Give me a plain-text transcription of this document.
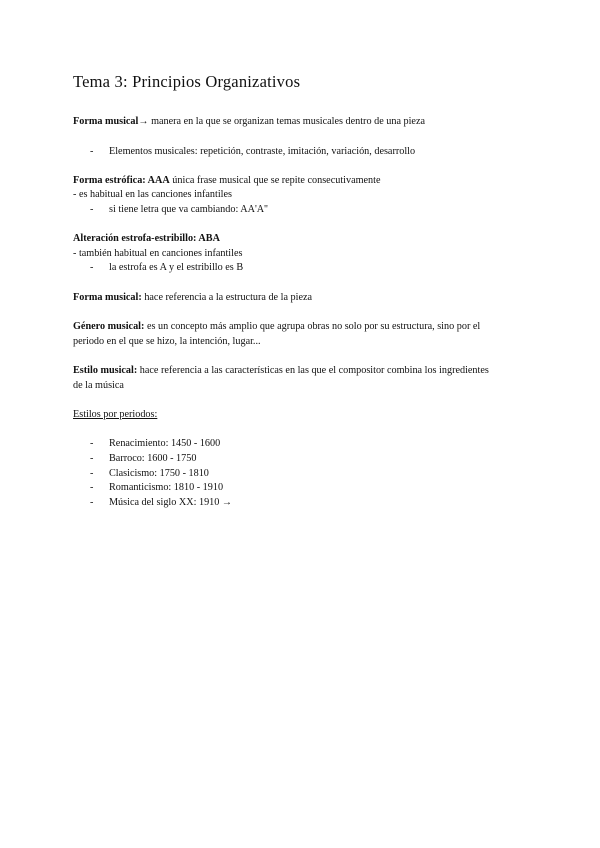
Tema 3: Principios Organizativos
Forma musical→ manera en la que se organizan temas musicales dentro de una pieza
- Elementos musicales: repetición, contraste, imitación, variación, desarrollo
Forma estrófica: AAA única frase musical que se repite consecutivamente
- es habitual en las canciones infantiles
- si tiene letra que va cambiando: AA'A''
Alteración estrofa-estribillo: ABA
- también habitual en canciones infantiles
- la estrofa es A y el estribillo es B
Forma musical: hace referencia a la estructura de la pieza
Género musical: es un concepto más amplio que agrupa obras no solo por su estructura, sino por el
periodo en el que se hizo, la intención, lugar...
Estilo musical: hace referencia a las características en las que el compositor combina los ingredientes
de la música
Estilos por periodos:
- Renacimiento: 1450 - 1600
- Barroco: 1600 - 1750
- Clasicismo: 1750 - 1810
- Romanticismo: 1810 - 1910
- Música del siglo XX: 1910 →
